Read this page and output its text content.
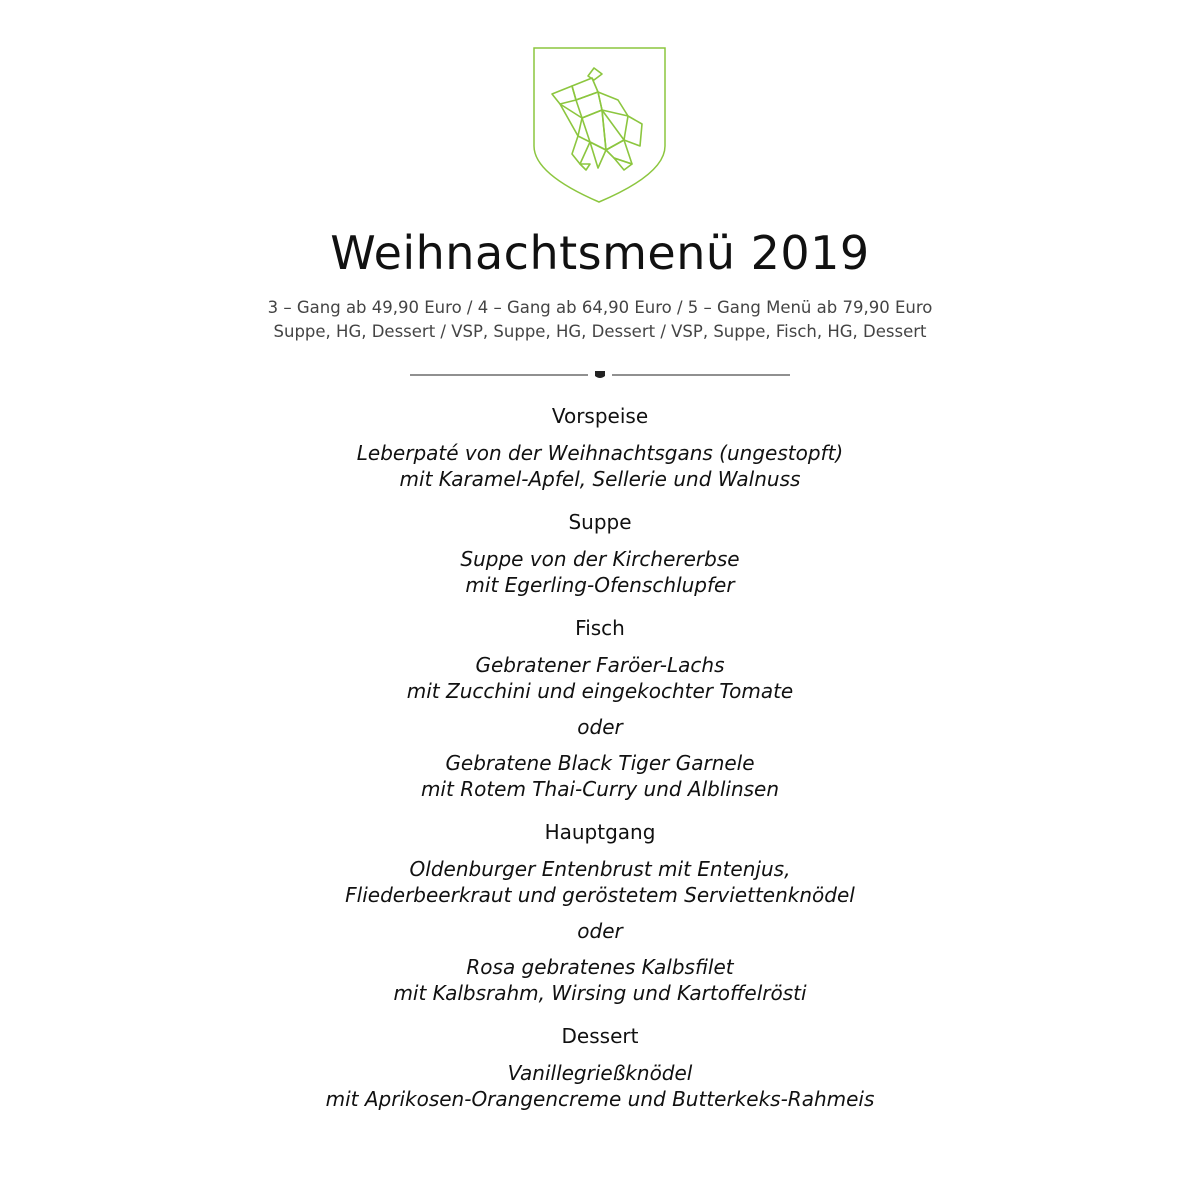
Weihnachtsmenü 2019
3 – Gang ab 49,90 Euro / 4 – Gang ab 64,90 Euro / 5 – Gang Menü ab 79,90 Euro
Suppe, HG, Dessert / VSP, Suppe, HG, Dessert / VSP, Suppe, Fisch, HG, Dessert
Vorspeise
Leberpaté von der Weihnachtsgans (ungestopft)
mit Karamel-Apfel, Sellerie und Walnuss
Suppe
Suppe von der Kirchererbse
mit Egerling-Ofenschlupfer
Fisch
Gebratener Faröer-Lachs
mit Zucchini und eingekochter Tomate
oder
Gebratene Black Tiger Garnele
mit Rotem Thai-Curry und Alblinsen
Hauptgang
Oldenburger Entenbrust mit Entenjus,
Fliederbeerkraut und geröstetem Serviettenknödel
oder
Rosa gebratenes Kalbsfilet
mit Kalbsrahm, Wirsing und Kartoffelrösti
Dessert
Vanillegrießknödel
mit Aprikosen-Orangencreme und Butterkeks-Rahmeis
